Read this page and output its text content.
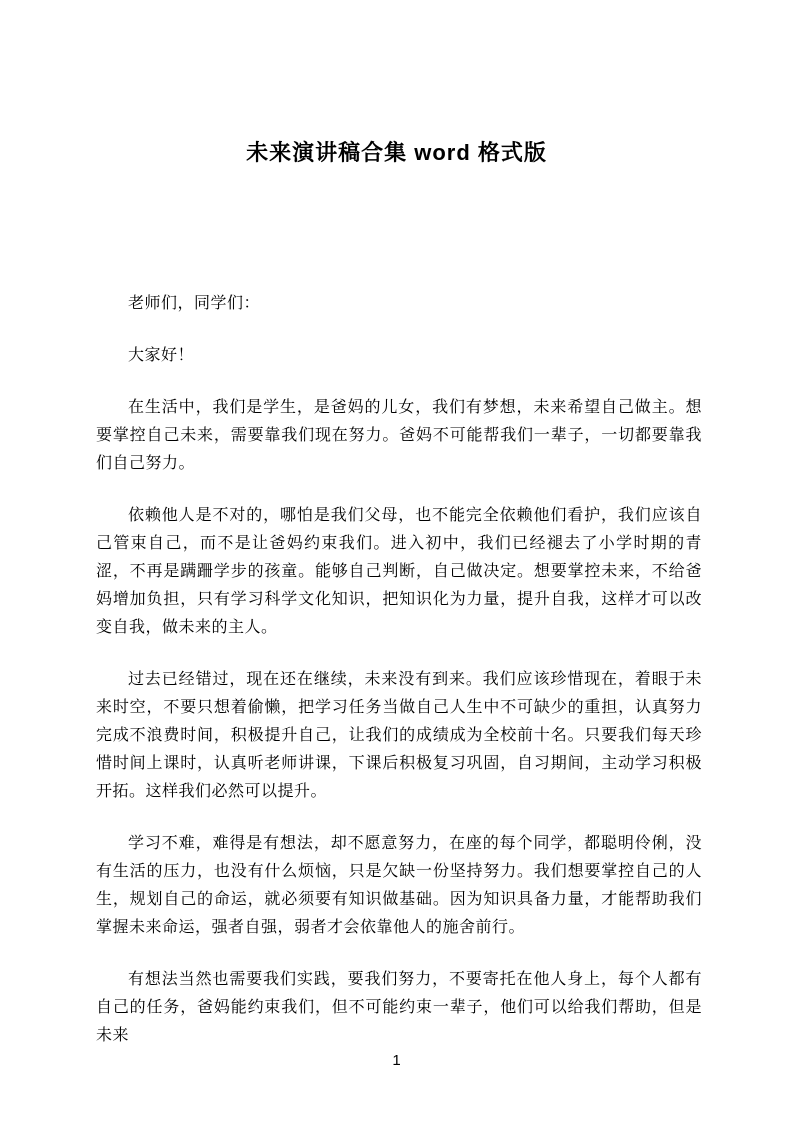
未来演讲稿合集 word 格式版

老师们，同学们：

大家好！

在生活中，我们是学生，是爸妈的儿女，我们有梦想，未来希望自己做主。想要掌控自己未来，需要靠我们现在努力。爸妈不可能帮我们一辈子，一切都要靠我们自己努力。

依赖他人是不对的，哪怕是我们父母，也不能完全依赖他们看护，我们应该自己管束自己，而不是让爸妈约束我们。进入初中，我们已经褪去了小学时期的青涩，不再是蹒跚学步的孩童。能够自己判断，自己做决定。想要掌控未来，不给爸妈增加负担，只有学习科学文化知识，把知识化为力量，提升自我，这样才可以改变自我，做未来的主人。

过去已经错过，现在还在继续，未来没有到来。我们应该珍惜现在，着眼于未来时空，不要只想着偷懒，把学习任务当做自己人生中不可缺少的重担，认真努力完成不浪费时间，积极提升自己，让我们的成绩成为全校前十名。只要我们每天珍惜时间上课时，认真听老师讲课，下课后积极复习巩固，自习期间，主动学习积极开拓。这样我们必然可以提升。

学习不难，难得是有想法，却不愿意努力，在座的每个同学，都聪明伶俐，没有生活的压力，也没有什么烦恼，只是欠缺一份坚持努力。我们想要掌控自己的人生，规划自己的命运，就必须要有知识做基础。因为知识具备力量，才能帮助我们掌握未来命运，强者自强，弱者才会依靠他人的施舍前行。

有想法当然也需要我们实践，要我们努力，不要寄托在他人身上，每个人都有自己的任务，爸妈能约束我们，但不可能约束一辈子，他们可以给我们帮助，但是未来

1
